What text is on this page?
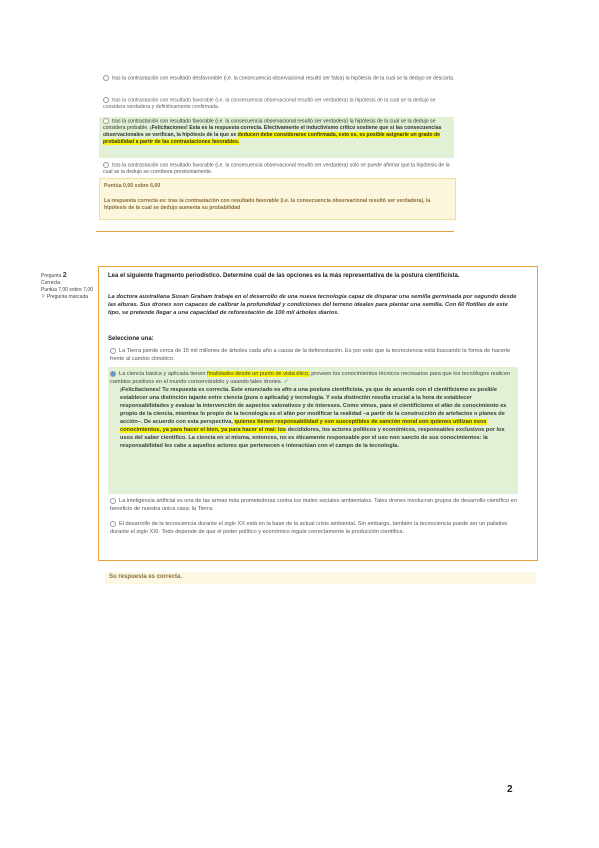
tras la contrastación con resultado desfavorable (i.e. la consecuencia observacional resultó ser falsa) la hipótesis de la cual se la dedujo se descarta.
tras la contrastación con resultado favorable (i.e. la consecuencia observacional resultó ser verdadera) la hipótesis de la cual se la dedujo se considera verdadera y definitivamente confirmada.
tras la contrastación con resultado favorable (i.e. la consecuencia observacional resultó ser verdadera) la hipótesis de la cual se la dedujo se considera probable. ¡Felicitaciones! Esta es la respuesta correcta. Efectivamente el inductivismo crítico sostiene que si las consecuencias observacionales se verifican, la hipótesis de la que se deducen debe considerarse confirmada, esto es, es posible asignarle un grado de probabilidad a partir de las contrastaciones favorables.
tras la contrastación con resultado favorable (i.e. la consecuencia observacional resultó ser verdadera) sólo se puede afirmar que la hipótesis de la cual se la dedujo se corrobora provisoriamente.
Puntúa 0,00 sobre 6,00
La respuesta correcta es: tras la contrastación con resultado favorable (i.e. la consecuencia observacional resultó ser verdadera), la hipótesis de la cual se dedujo aumenta su probabilidad
Pregunta 2
Correcta
Puntúa 7,00 sobre 7,00
⚐ Pregunta marcada
Lea el siguiente fragmento periodístico. Determine cuál de las opciones es la más representativa de la postura cientificista.
La doctora australiana Susan Graham trabaja en el desarrollo de una nueva tecnología capaz de disparar una semilla germinada por segundo desde las alturas. Sus drones son capaces de calibrar la profundidad y condiciones del terreno ideales para plantar una semilla. Con 60 flotillas de este tipo, se pretende llegar a una capacidad de reforestación de 100 mil árboles diarios.
Seleccione una:
La Tierra pierde cerca de 15 mil millones de árboles cada año a causa de la deforestación. Es por esto que la tecnociencia está buscando la forma de hacerle frente al cambio climático.
La ciencia básica y aplicada tienen finalidades desde un punto de vista ético, proveen los conocimientos técnicos necesarios para que los tecnólogos realicen cambios positivos en el mundo conservándolo y usando tales drones. ✓
¡Felicitaciones! Tu respuesta es correcta. Este enunciado es afín a una postura cientificista, ya que de acuerdo con el cientificismo es posible establecer una distinción tajante entre ciencia (pura o aplicada) y tecnología. Y esta distinción resulta crucial a la hora de establecer responsabilidades y evaluar la intervención de aspectos valorativos y de intereses. Como vimos, para el cientificismo el afán de conocimiento es propio de la ciencia, mientras lo propio de la tecnología es el afán por modificar la realidad –a partir de la construcción de artefactos o planes de acción–. De acuerdo con esta perspectiva, quienes tienen responsabilidad y son susceptibles de sanción moral son quienes utilizan esos conocimientos, ya para hacer el bien, ya para hacer el mal: los decididores, los actores políticos y económicos, responsables exclusivos por los usos del saber científico. La ciencia en sí misma, entonces, no es éticamente responsable por el uso non sancto de sus conocimientos: la responsabilidad les cabe a aquellos actores que pertenecen e interactúan con el campo de la tecnología.
La inteligencia artificial es una de las armas más prometedoras contra los males sociales ambientales. Tales drones involucran grupos de desarrollo científico en beneficio de nuestra única casa: la Tierra.
El desarrollo de la tecnociencia durante el siglo XX está en la base de la actual crisis ambiental. Sin embargo, también la tecnociencia puede ser un paliativo durante el siglo XXI. Todo depende de que el poder político y económico regule correctamente la producción científica.
Su respuesta es correcta.
2
